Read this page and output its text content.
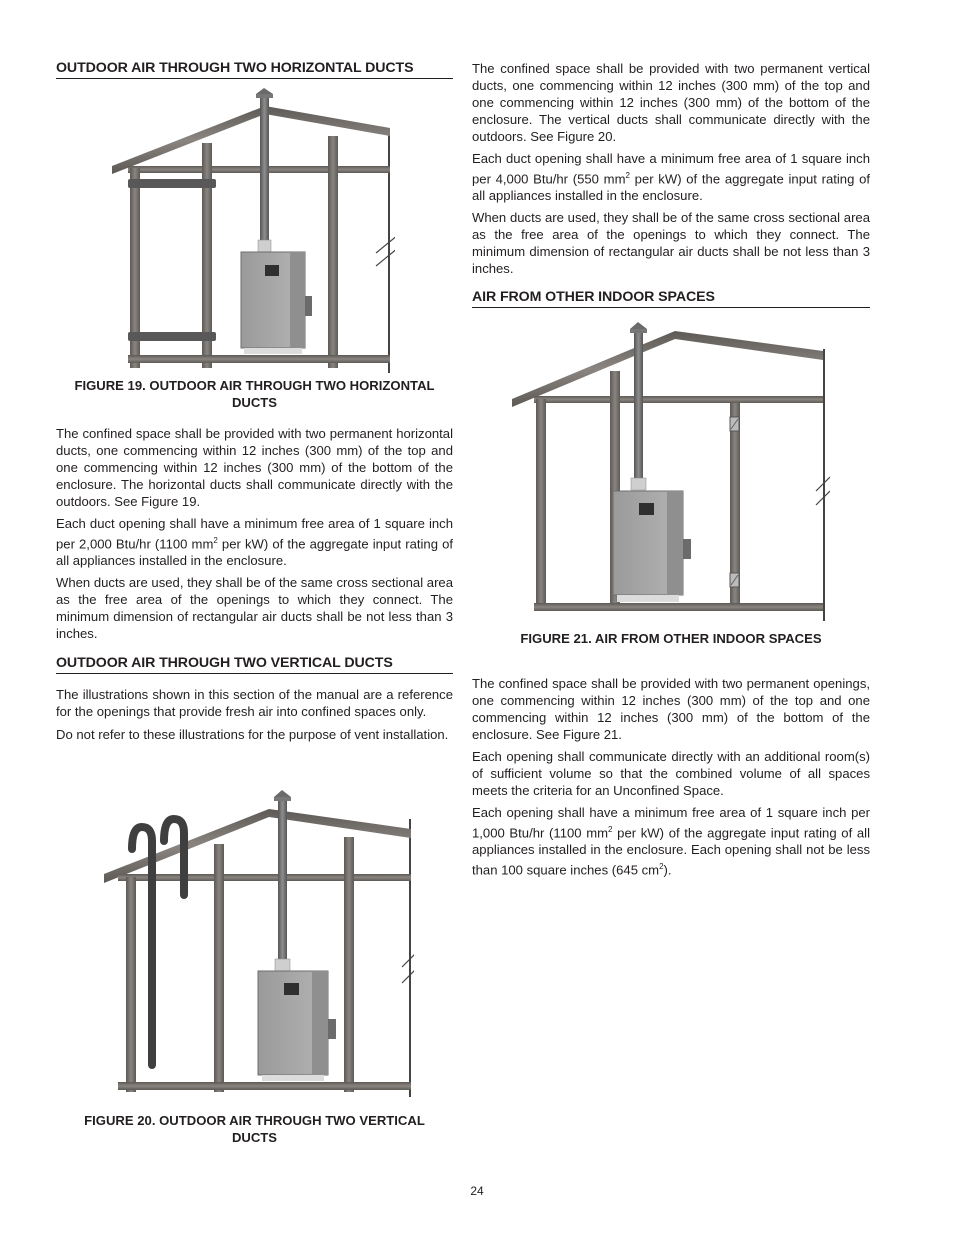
OUTDOOR AIR THROUGH TWO HORIZONTAL DUCTS
FIGURE 19. OUTDOOR AIR THROUGH TWO HORIZONTAL
DUCTS

The confined space shall be provided with two permanent horizontal ducts, one commencing within 12 inches (300 mm) of the top and one commencing within 12 inches (300 mm) of the bottom of the enclosure. The horizontal ducts shall communicate directly with the outdoors. See Figure 19.

Each duct opening shall have a minimum free area of 1 square inch per 2,000 Btu/hr (1100 $mm^2$ per kW) of the aggregate input rating of all appliances installed in the enclosure.

When ducts are used, they shall be of the same cross sectional area as the free area of the openings to which they connect. The minimum dimension of rectangular air ducts shall be not less than 3 inches.

OUTDOOR AIR THROUGH TWO VERTICAL DUCTS

The illustrations shown in this section of the manual are a reference for the openings that provide fresh air into confined spaces only.

Do not refer to these illustrations for the purpose of vent installation.

FIGURE 20. OUTDOOR AIR THROUGH TWO VERTICAL
DUCTS

The confined space shall be provided with two permanent vertical ducts, one commencing within 12 inches (300 mm) of the top and one commencing within 12 inches (300 mm) of the bottom of the enclosure. The vertical ducts shall communicate directly with the outdoors. See Figure 20.

Each duct opening shall have a minimum free area of 1 square inch per 4,000 Btu/hr (550 $mm^2$ per kW) of the aggregate input rating of all appliances installed in the enclosure.

When ducts are used, they shall be of the same cross sectional area as the free area of the openings to which they connect. The minimum dimension of rectangular air ducts shall be not less than 3 inches.

AIR FROM OTHER INDOOR SPACES
FIGURE 21. AIR FROM OTHER INDOOR SPACES

The confined space shall be provided with two permanent openings, one commencing within 12 inches (300 mm) of the top and one commencing within 12 inches (300 mm) of the bottom of the enclosure. See Figure 21.

Each opening shall communicate directly with an additional room(s) of sufficient volume so that the combined volume of all spaces meets the criteria for an Unconfined Space.

Each opening shall have a minimum free area of 1 square inch per 1,000 Btu/hr (1100 $mm^2$ per kW) of the aggregate input rating of all appliances installed in the enclosure. Each opening shall not be less than 100 square inches (645 $cm^2$).

24
